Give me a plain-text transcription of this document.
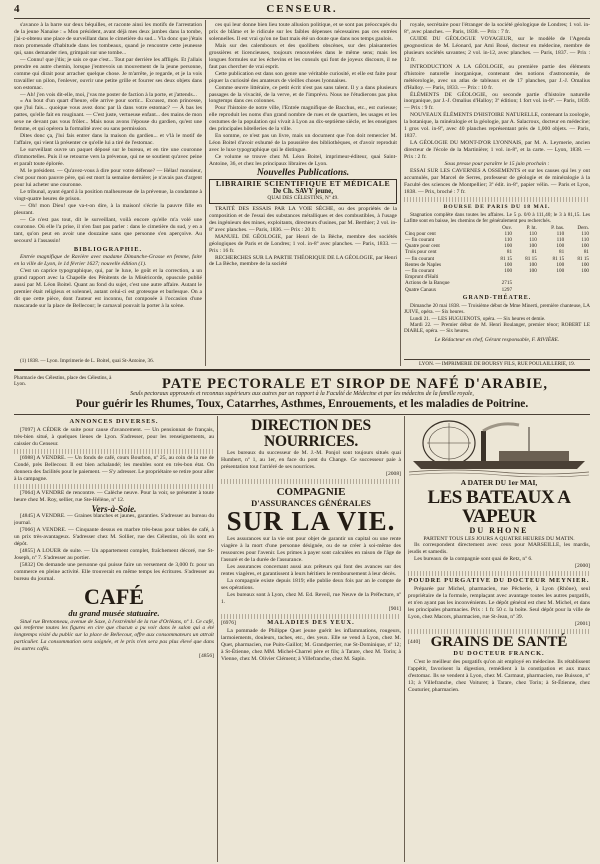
4	CENSEUR.

s'avance à la barre sur deux béquilles, et raconte ainsi les motifs de l'arrestation de la jeune Nanaise : « Mon président, avant déjà mes deux jambes dans la tombe, j'ai-z-obtenu une place de surveillant dans le cimetière du sud... Vla donc que j'étais mon promenade d'habitude dans les tombeaux, quand je rencontre cette jeunesse qui, sans demander rien, grimpait sur une tombe...

— Connu! que j'dis; je sais ce que c'est... Tout par derrière les affligés. Et j'allais prendre en autre chemin, lorsque j'entrevois un mouvement de la jeune personne, comme qui dirait pour arracher quelque chose. Je m'arrête, je regarde, et je la vois travailler un pilon, l'enlever, ouvrir une petite grille et fourrer ses deux objets dans son estomac.

— Ah! j'en vois dit-elle, moi, j'vas me poster de faction à la porte, et j'attends...

« Au bout d'un quart d'heure, elle arrive pour sortir... Excusez, mon princesse, que j'lui fais... quoique vous avez donc par là dans votre estomac? — À bas les pattes, qu'elle fait en rouginant. — C'est juste, vertueuse enfant... des mains de mon sexe ne devant pas vous frôler... Mais nous avons l'épouse du gardien, qu'est une femme, et qui opérera la formalité avec ou sans permission.

Dites donc ça, j'lui fais entrer dans la maison du gardien... et v'là le motif de l'affaire, qui vient là présenter ce qu'elle lui a tiré de l'estomac.

Le surveillant ouvre un paquet déposé sur le bureau, et en tire une couronne d'immortelles. Puis il se retourne vers la prévenue, qui ne se soutient qu'avec peine et paraît toute éplorée.

M. le président. — Qu'avez-vous à dire pour votre défense? — Hélas! monsieur, c'est pour mon pauvre père, qui est mort la semaine dernière; je n'avais pas d'argent pour lui acheter une couronne.

Le tribunal, ayant égard à la position malheureuse de la prévenue, la condamne à vingt-quatre heures de prison.

— Oh! mon Dieu! que va-t-on dire, à la maison! s'écrie la pauvre fille en pleurant.

— Ce n'est pas tout, dit le surveillant, voilà encore qu'elle m'a volé une couronne. Où elle l'a prise, il n'en faut pas parler : dans le cimetière du sud, y en a tant, qu'on peut en avoir une douzaine sans que personne s'en aperçoive. Au secours! à l'assassin!

BIBLIOGRAPHIE.

Entrée magnifique de Ravière avec madame Dimanche-Grasse en femme, faite en la ville de Lyon, le 14 février 1627; nouvelle édition (1).

C'est un caprice typographique, qui, par le luxe, le goût et la correction, a un grand rapport avec la Chapelle des Pénitents de la Miséricorde, opuscule publié aussi par M. Léon Boitel. Quant au fond du sujet, c'est une autre affaire. Autant le premier était religieux et solennel, autant celui-ci est grotesque et burlesque. On a dit que cette pièce, dont l'auteur est inconnu, fut composée à l'occasion d'une mascarade sur la place de Bellecour; le carnaval pouvait la porter à la scène.

(1) 1838. — Lyon. Imprimerie de L. Boitel, quai St-Antoine, 36.

ces qui leur donne bien lieu toute allusion politique, et se sont pas préoccupés du prix de blâme et le ridicule sur les faibles dépenses nécessaires pas ces entrées solennelles. Il est vrai qu'on ne faut mais été un doute que dans nos temps gaulois.

Mais sur des calembours et des quolibets obscènes, sur des plaisanteries grossières et licencieuses, toujours renouvelées dans le même sens; mais les longues formules sur les échevins et les consuls qui font de joyeux discours, il ne faut pas chercher de vrai esprit.

Cette publication est dans son genre une véritable curiosité, et elle est faite pour piquer la curiosité des amateurs de vieilles choses lyonnaises.

Comme œuvre littéraire, ce petit écrit n'est pas sans talent. Il y a dans plusieurs passages de la vivacité, de la verve, et de l'imprévu. Nous ne l'étudierons pas plus longtemps dans ces colonnes.

Pour l'histoire de notre ville, l'Entrée magnifique de Bacchus, etc., est curieuse; elle reproduit les noms d'un grand nombre de rues et de quartiers, les usages et les costumes de la population qui vivait à Lyon au dix-septième siècle, et les enseignes des principales hôtelleries de la ville.

En somme, ce n'est pas un livre, mais un document que l'on doit remercier M. Léon Boitel d'avoir exhumé de la poussière des bibliothèques, et d'avoir reproduit avec le luxe typographique qui le distingue.

Ce volume se trouve chez M. Léon Boitel, imprimeur-éditeur, quai Saint-Antoine, 36, et chez les principaux libraires de Lyon.

Nouvelles Publications.
LIBRAIRIE SCIENTIFIQUE ET MÉDICALE
De Ch. SAVY jeune,
QUAI DES CÉLESTINS, Nº 49.

TRAITÉ DES ESSAIS PAR LA VOIE SÈCHE, ou des propriétés de la composition et de l'essai des substances métalliques et des combustibles, à l'usage des ingénieurs des mines, exploitants, directeurs d'usines, par M. Berthier; 2 vol. in-8º avec planches. — Paris, 1836. — Prix : 20 fr.

MANUEL DE GÉOLOGIE, par Henri de la Bèche, membre des sociétés géologiques de Paris et de Londres; 1 vol. in-8º avec planches. — Paris, 1833. — Prix : 16 fr.

RECHERCHES SUR LA PARTIE THÉORIQUE DE LA GÉOLOGIE, par Henri de La Bèche, membre de la société

royale, secrétaire pour l'étranger de la société géologique de Londres; 1 vol. in-8º, avec planches. — Paris, 1838. — Prix : 7 fr.

GUIDE DU GÉOLOGUE VOYAGEUR, sur le modèle de l'Agenda geognosticus de M. Léonard, par Ami Boué, docteur en médecine, membre de plusieurs sociétés savantes; 2 vol. in-12, avec planches. — Paris, 1837. — Prix : 12 fr.

INTRODUCTION A LA GÉOLOGIE, ou première partie des éléments d'histoire naturelle inorganique, contenant des notions d'astronomie, de météorologie, avec un atlas de tableaux et de 17 planches, par J.-J. Omalius d'Halloy. — Paris, 1833. — Prix : 10 fr.

ÉLÉMENTS DE GÉOLOGIE, ou seconde partie d'histoire naturelle inorganique, par J.-J. Omalius d'Halloy; 3º édition; 1 fort vol. in-8º. — Paris, 1839. — Prix : 9 fr.

NOUVEAUX ÉLÉMENTS D'HISTOIRE NATURELLE, contenant la zoologie, la botanique, la minéralogie et la géologie, par A. Salacroux, docteur en médecine; 1 gros vol. in-8º, avec 40 planches représentant près de 1,000 objets. — Paris, 1837.

LA GÉOLOGIE DU MONT-D'OR LYONNAIS, par M. A. Leymerie, ancien directeur de l'école de la Martinière; 1 vol. in-8º, et la carte. — Lyon, 1838. — Prix : 2 fr.

Sous presse pour paraître le 15 juin prochain :

ESSAI SUR LES CAVERNES A OSSEMENTS et sur les causes qui les y ont accumulés, par Marcel de Serres, professeur de géologie et de minéralogie à la Faculté des sciences de Montpellier; 3º édit. in-8º, papier vélin. — Paris et Lyon, 1838. — Prix, broché : 7 fr.

BOURSE DE PARIS DU 18 MAI.

Stagnation complète dans toutes les affaires. Le 5 p. 0/0 à 111,40; le 3 à 81,15. Les Lafitte sont en baisse, les chemins de fer généralement peu recherchés.

	Ouv.	P. ht.	P. bas.	Dern.
Cinq pour cent	110	110	110	110
— fin courant	110	110	110	110
Quatre pour cent	100	100	100	100
Trois pour cent	81	81	81	81
— fin courant	81 15	81 15	81 15	81 15
Rentes de Naples	100	100	100	100
— fin courant	100	100	100	100
Emprunt d'Haïti				
Actions de la Banque	2715			
Quatre Canaux	1297			
GRAND-THÉATRE.

Dimanche 20 mai 1838. — Troisième début de Mme Minerti, première chanteuse, LA JUIVE, opéra. — Six heures.

Lundi 21. — LES HUGUENOTS, opéra. — Six heures et demie.

Mardi 22. — Premier début de M. Henri Boulanger, premier ténor; ROBERT LE DIABLE, opéra. — Six heures.

Le Rédacteur en chef, Gérant responsable, F. RIVIÈRE.

LYON. — IMPRIMERIE DE BOURSY FILS, RUE POULAILLERIE, 19.
Pharmacie des Célestins, place des Célestins, à Lyon.	PATE PECTORALE ET SIROP DE NAFÉ D'ARABIE,
Seuls pectoraux approuvés et reconnus supérieurs aux autres par un rapport à la Faculté de Médecine et par les médecins de la famille royale,
Pour guérir les Rhumes, Toux, Catarrhes, Asthmes, Enrouements, et les maladies de Poitrine.
ANNONCES DIVERSES.

[7097] A CÉDER de suite pour cause d'avancement. — Un pensionnat de français, très-bien situé, à quelques lieues de Lyon. S'adresser, pour les renseignements, au caissier du Censeur.

[6988] A VENDRE. — Un fonds de café, cours Bourbon, nº 25, au coin de la rue de Condé, près Bellecour. Il est bien achalandé; les meubles sont en très-bon état. On donnera des facilités pour le paiement. — S'y adresser. Le propriétaire se retire pour aller à la campagne.

[7064] A VENDRE de rencontre. — Calèche neuve. Pour la voir, se présenter à toute heure chez M. Roy, sellier, rue Ste-Hélène, nº 12.

Vers-à-Soie.

[4845] A VENDRE. — Graines blanches et jaunes, garanties. S'adresser au bureau du journal.

[7066] A VENDRE. — Cinquante dessus en marbre très-beau pour tables de café, à un prix très-avantageux. S'adresser chez M. Sollier, rue des Célestins, où ils sont en dépôt.

[4855] A LOUER de suite. — Un appartement complet, fraîchement décoré, rue St-Joseph, nº 7. S'adresser au portier.

[5832] On demande une personne qui puisse faire un versement de 3,000 fr. pour un commerce en pleine activité. Elle trouverait en même temps les écritures. S'adresser au bureau du journal.

CAFÉ
du grand musée statuaire.

Situé rue Bretonneau, avenue de Saxe, à l'extrémité de la rue d'Orléans, nº 1. Ce café, qui renferme toutes les figures en cire que chacun a pu voir dans le salon qui a été longtemps visité du public sur la place de Bellecour, offre aux consommateurs un attrait particulier. La consommation sera soignée, et le prix n'en sera pas plus élevé que dans les autres cafés.

[4856]

DIRECTION DES NOURRICES.

Les bureaux du successeur de M. J.-M. Ponjol sont toujours situés quai Humbert, nº 1, au 1er, en face du pont du Change. Ce successeur paie à présentation tout l'arriéré de ses nourrices.

[2008]

COMPAGNIE
D'ASSURANCES GÉNÉRALES
SUR LA VIE.

Les assurances sur la vie ont pour objet de garantir un capital ou une rente viagère à la mort d'une personne désignée, ou de se créer à soi-même des ressources pour l'avenir. Les primes à payer sont calculées en raison de l'âge de l'assuré et de la durée de l'assurance.

Les assurances concernant aussi aux prêteurs qui font des avances sur des rentes viagères, et garantissent à leurs héritiers le remboursement à leur décès.

La compagnie existe depuis 1819; elle publie deux fois par an le compte de ses opérations.

Les bureaux sont à Lyon, chez M. Ed. Reveil, rue Neuve de la Préfecture, nº 1.

[901]

[6976]	MALADIES DES YEUX.

La pommade de Philippe Quet jeune guérit les inflammations, rougeurs, larmoiements, douleurs, taches, etc., des yeux. Elle se vend à Lyon, chez M. Quet, pharmacien, rue Puits-Gaillot; M. Grandperrier, rue St-Dominique, nº 12; à St-Étienne, chez MM. Michel-Charrel père et fils; à Tarare, chez M. Torin; à Vienne, chez M. Olivier Clément; à Villefranche, chez M. Sapin.

A DATER DU 1er MAI,
LES BATEAUX A VAPEUR
DU RHONE

PARTENT TOUS LES JOURS A QUATRE HEURES DU MATIN.

Ils correspondent directement avec ceux pour MARSEILLE, les mardis, jeudis et samedis.

Les bureaux de la compagnie sont quai de Retz, nº 6.

[2000]

POUDRE PURGATIVE DU DOCTEUR MEYNIER.

Préparée par Michel, pharmacien, rue Pêcherie, à Lyon (Rhône), seul propriétaire de la formule, remplaçant avec avantage toutes les autres purgatifs, et n'en ayant pas les inconvénients. Le dépôt général est chez M. Michel, et dans les principales pharmacies. Prix : 1 fr. 50 c. la boîte. Seul dépôt pour la ville de Lyon, chez Macors, pharmacien, rue St-Jean, nº 39.

[2001]

[440] GRAINS DE SANTÉ
DU DOCTEUR FRANCK.

C'est le meilleur des purgatifs qu'on ait employé en médecine. Ils rétablissent l'appétit, favorisent la digestion, remédient à la constipation et aux maux d'estomac. Ils se vendent à Lyon, chez M. Carmaut, pharmacien, rue Buisson, nº 13; à Villefranche, chez Voituret; à Tarare, chez Torin; à St-Étienne, chez Couturier, pharmacien.
